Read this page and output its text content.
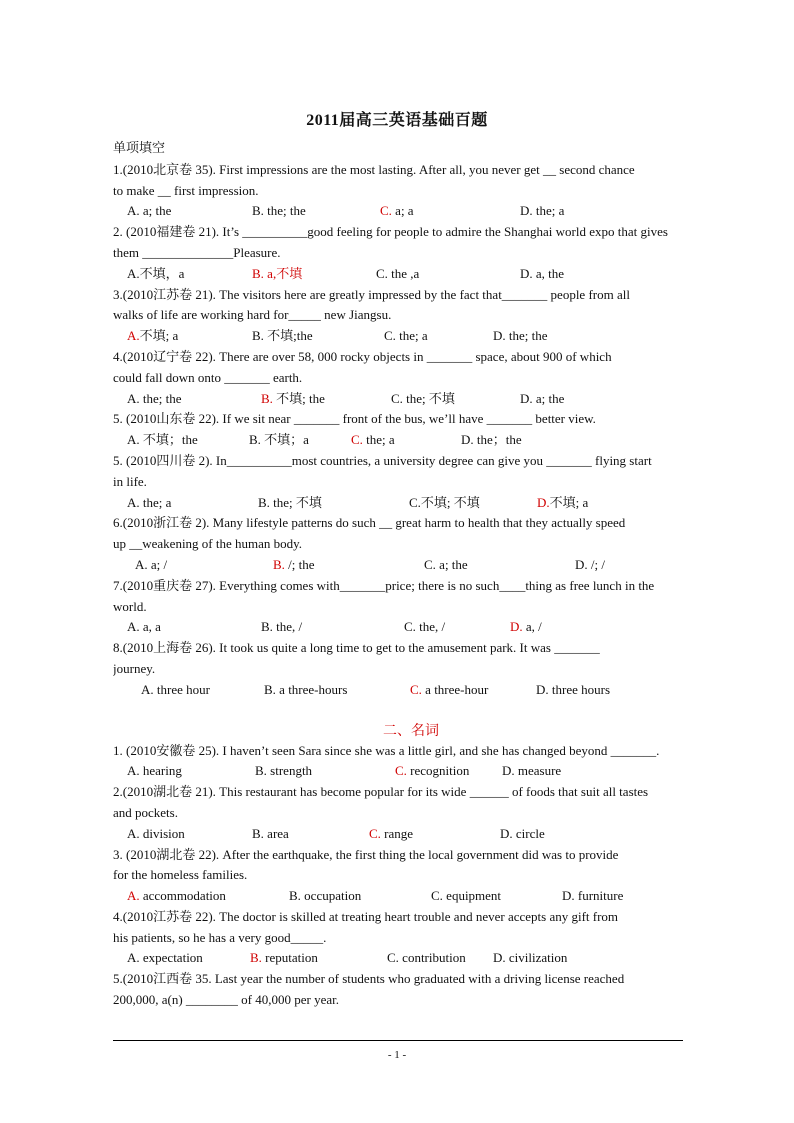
2011届高三英语基础百题
单项填空
1.(2010北京卷 35). First impressions are the most lasting. After all, you never get __ second chance
to make __ first impression.
A. a; the	B. the; the	C. a; a	D. the; a
2. (2010福建卷 21). It’s __________good feeling for people to admire the Shanghai world expo that gives
them ______________Pleasure.
A.不填，a	B. a,不填	C. the ,a	D. a, the
3.(2010江苏卷 21). The visitors here are greatly impressed by the fact that_______ people from all
walks of life are working hard for_____ new Jiangsu.
A.不填; a	B. 不填;the	C. the; a	D. the; the
4.(2010辽宁卷 22). There are over 58, 000 rocky objects in _______ space, about 900 of which
could fall down onto _______ earth.
A. the; the	B. 不填; the	C. the; 不填	D. a; the
5. (2010山东卷 22). If we sit near _______ front of the bus, we’ll have _______ better view.
A. 不填；the	B. 不填；a	C. the; a	D. the；the
5. (2010四川卷 2). In__________most countries, a university degree can give you _______ flying start
in life.
A. the; a	B. the; 不填	C.不填; 不填	D.不填; a
6.(2010浙江卷 2). Many lifestyle patterns do such __ great harm to health that they actually speed
up __weakening of the human body.
A. a; /	B. /; the	C. a; the	D. /; /
7.(2010重庆卷 27). Everything comes with_______price; there is no such____thing as free lunch in the
world.
A. a, a	B. the, /	C. the, /	D. a, /
8.(2010上海卷 26). It took us quite a long time to get to the amusement park. It was _______
journey.
A. three hour	B. a three-hours	C. a three-hour	D. three hours
二、名词
1. (2010安徽卷 25). I haven’t seen Sara since she was a little girl, and she has changed beyond _______.
A. hearing	B. strength	C. recognition	D. measure
2.(2010湖北卷 21). This restaurant has become popular for its wide ______ of foods that suit all tastes
and pockets.
A. division	B. area	C. range	D. circle
3. (2010湖北卷 22). After the earthquake, the first thing the local government did was to provide
for the homeless families.
A. accommodation	B. occupation	C. equipment	D. furniture
4.(2010江苏卷 22). The doctor is skilled at treating heart trouble and never accepts any gift from
his patients, so he has a very good_____.
A. expectation	B. reputation	C. contribution D. civilization
5.(2010江西卷 35. Last year the number of students who graduated with a driving license reached
200,000, a(n) ________ of 40,000 per year.
- 1 -
